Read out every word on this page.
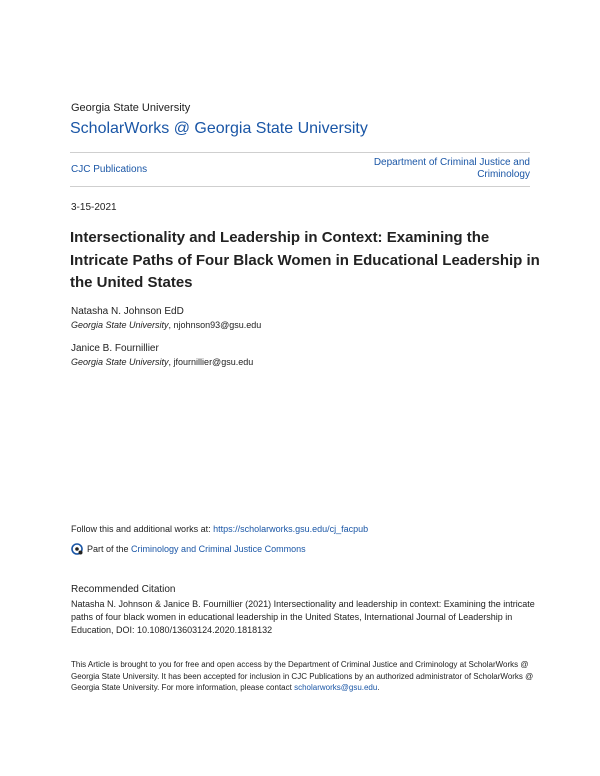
Georgia State University
ScholarWorks @ Georgia State University
CJC Publications
Department of Criminal Justice and Criminology
3-15-2021
Intersectionality and Leadership in Context: Examining the Intricate Paths of Four Black Women in Educational Leadership in the United States
Natasha N. Johnson EdD
Georgia State University, njohnson93@gsu.edu
Janice B. Fournillier
Georgia State University, jfournillier@gsu.edu
Follow this and additional works at: https://scholarworks.gsu.edu/cj_facpub
Part of the
Criminology and Criminal Justice Commons
Recommended Citation
Natasha N. Johnson & Janice B. Fournillier (2021) Intersectionality and leadership in context: Examining the intricate paths of four black women in educational leadership in the United States, International Journal of Leadership in Education, DOI: 10.1080/13603124.2020.1818132
This Article is brought to you for free and open access by the Department of Criminal Justice and Criminology at ScholarWorks @ Georgia State University. It has been accepted for inclusion in CJC Publications by an authorized administrator of ScholarWorks @ Georgia State University. For more information, please contact scholarworks@gsu.edu.
